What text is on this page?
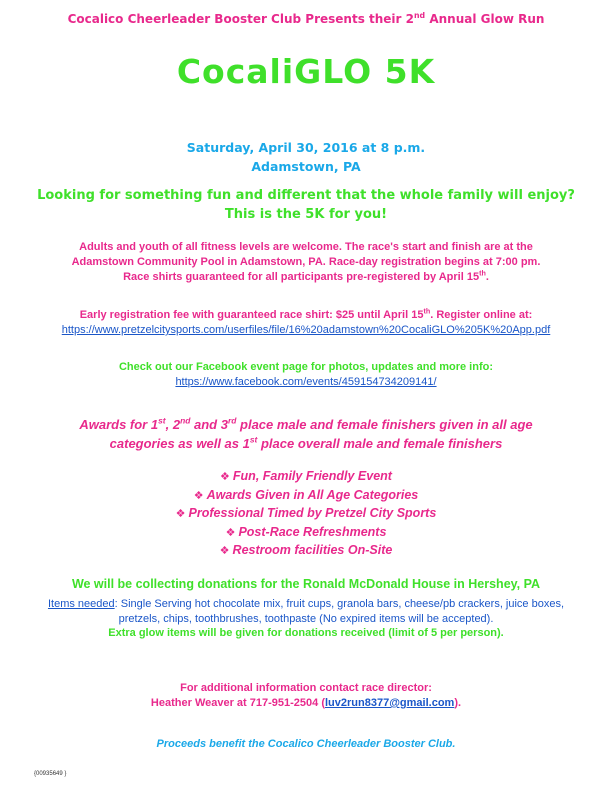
Cocalico Cheerleader Booster Club Presents their 2nd Annual Glow Run
CocaliGLO 5K
Saturday, April 30, 2016 at 8 p.m.
Adamstown, PA
Looking for something fun and different that the whole family will enjoy?
This is the 5K for you!
Adults and youth of all fitness levels are welcome. The race's start and finish are at the
Adamstown Community Pool in Adamstown, PA. Race-day registration begins at 7:00 pm.
Race shirts guaranteed for all participants pre-registered by April 15th.
Early registration fee with guaranteed race shirt: $25 until April 15th. Register online at:
https://www.pretzelcitysports.com/userfiles/file/16%20adamstown%20CocaliGLO%205K%20App.pdf
Check out our Facebook event page for photos, updates and more info:
https://www.facebook.com/events/459154734209141/
Awards for 1st, 2nd and 3rd place male and female finishers given in all age
categories as well as 1st place overall male and female finishers
❖ Fun, Family Friendly Event
❖ Awards Given in All Age Categories
❖ Professional Timed by Pretzel City Sports
❖ Post-Race Refreshments
❖ Restroom facilities On-Site
We will be collecting donations for the Ronald McDonald House in Hershey, PA
Items needed: Single Serving hot chocolate mix, fruit cups, granola bars, cheese/pb crackers, juice boxes, pretzels, chips, toothbrushes, toothpaste (No expired items will be accepted).
Extra glow items will be given for donations received (limit of 5 per person).
For additional information contact race director:
Heather Weaver at 717-951-2504 (luv2run8377@gmail.com).
Proceeds benefit the Cocalico Cheerleader Booster Club.
{00935649 }
